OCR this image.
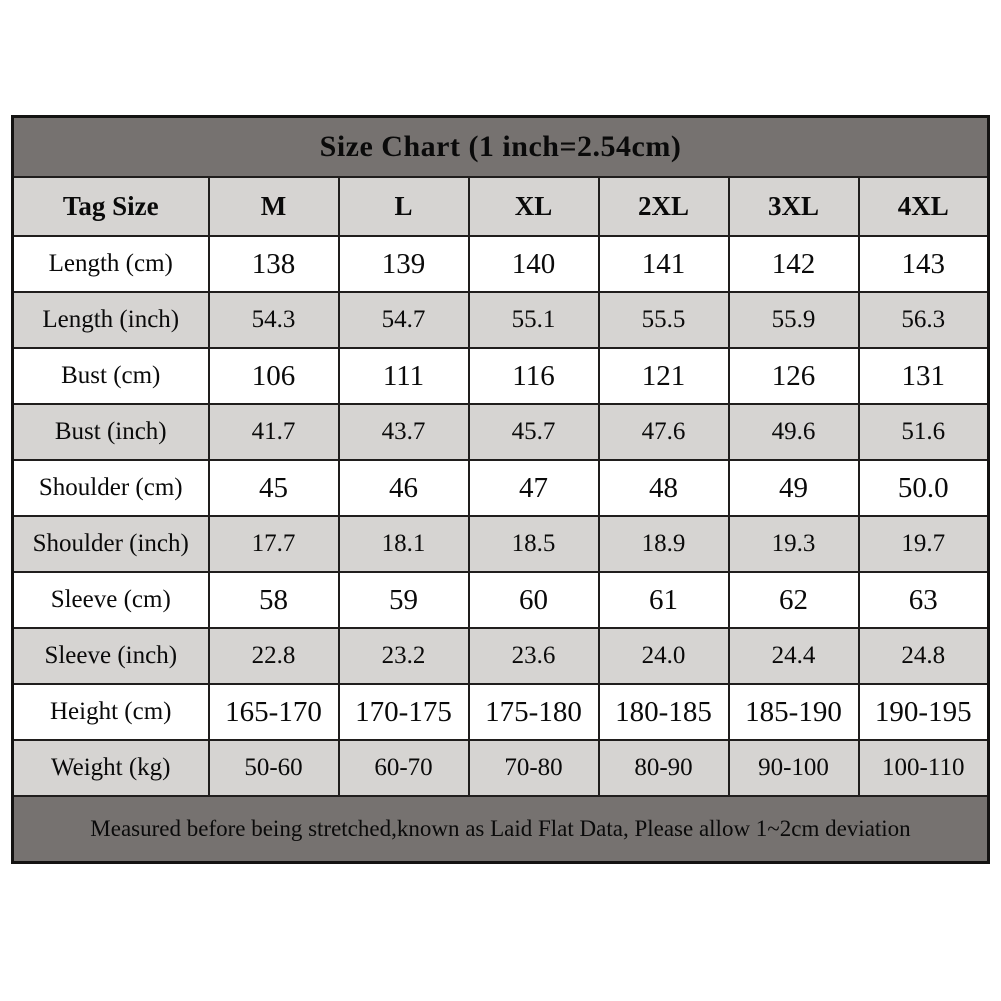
Size Chart (1 inch=2.54cm)						
Tag Size	M	L	XL	2XL	3XL	4XL
Length (cm)	138	139	140	141	142	143
Length (inch)	54.3	54.7	55.1	55.5	55.9	56.3
Bust (cm)	106	111	116	121	126	131
Bust (inch)	41.7	43.7	45.7	47.6	49.6	51.6
Shoulder (cm)	45	46	47	48	49	50.0
Shoulder (inch)	17.7	18.1	18.5	18.9	19.3	19.7
Sleeve (cm)	58	59	60	61	62	63
Sleeve (inch)	22.8	23.2	23.6	24.0	24.4	24.8
Height (cm)	165-170	170-175	175-180	180-185	185-190	190-195
Weight (kg)	50-60	60-70	70-80	80-90	90-100	100-110
Measured before being stretched,known as Laid Flat Data, Please allow 1~2cm deviation						
